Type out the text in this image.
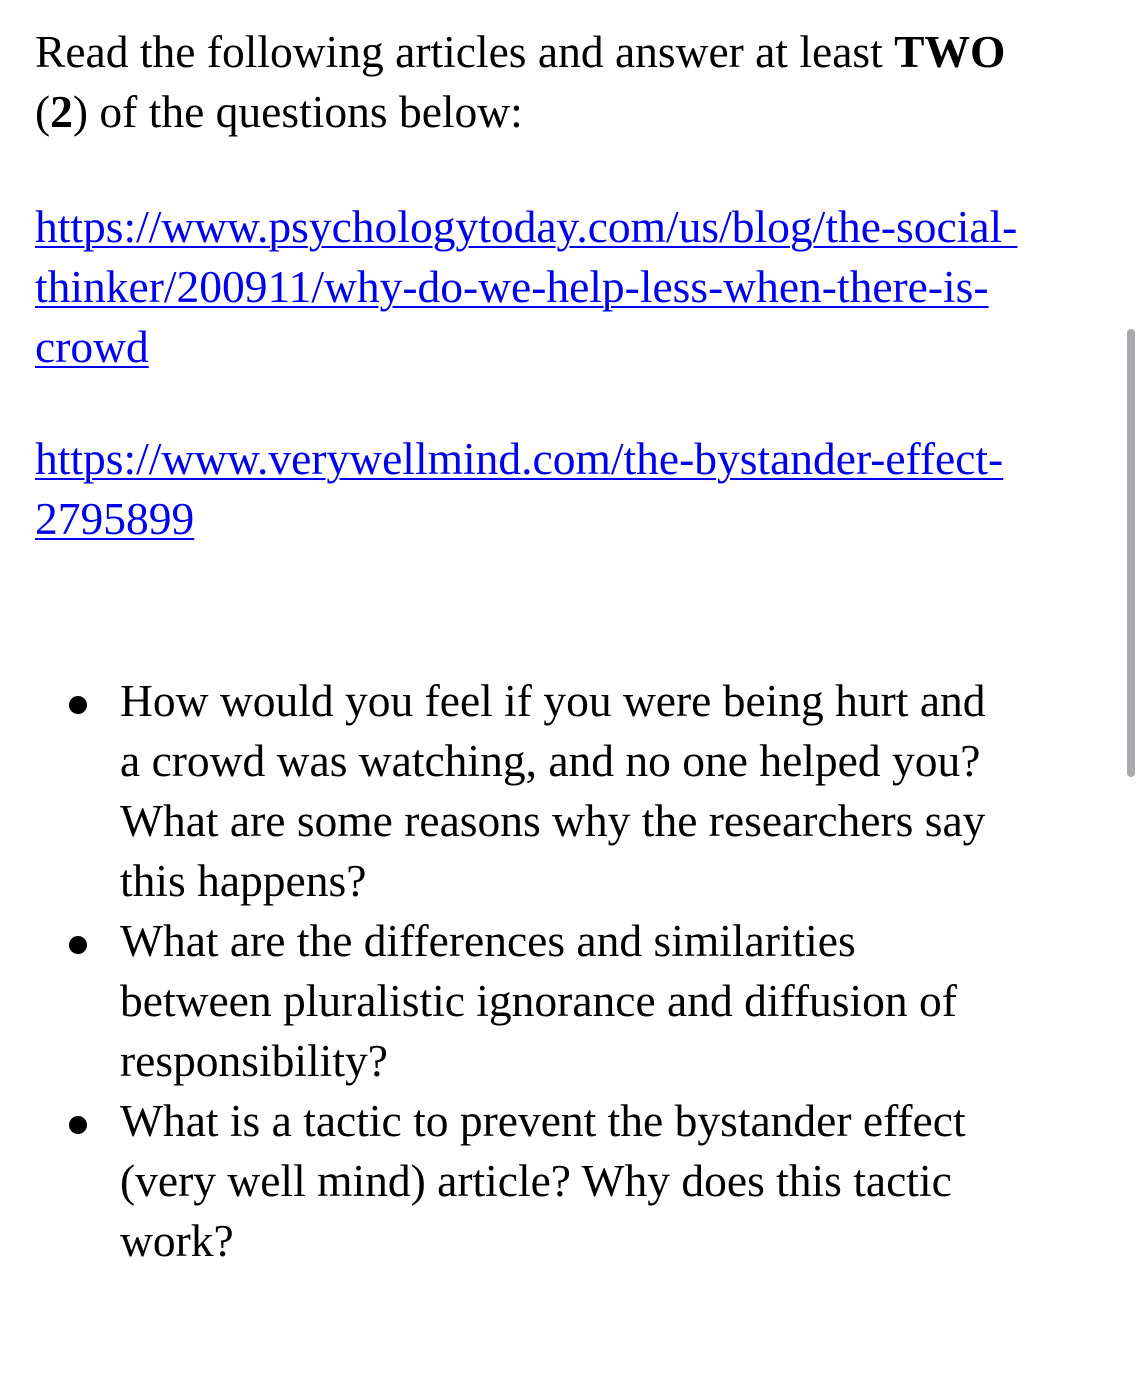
Read the following articles and answer at least TWO
(2) of the questions below:

https://www.psychologytoday.com/us/blog/the-social-
thinker/200911/why-do-we-help-less-when-there-is-
crowd
https://www.verywellmind.com/the-bystander-effect-
2795899
How would you feel if you were being hurt and a crowd was watching, and no one helped you? What are some reasons why the researchers say this happens?
What are the differences and similarities between pluralistic ignorance and diffusion of responsibility?
What is a tactic to prevent the bystander effect (very well mind) article? Why does this tactic work?
